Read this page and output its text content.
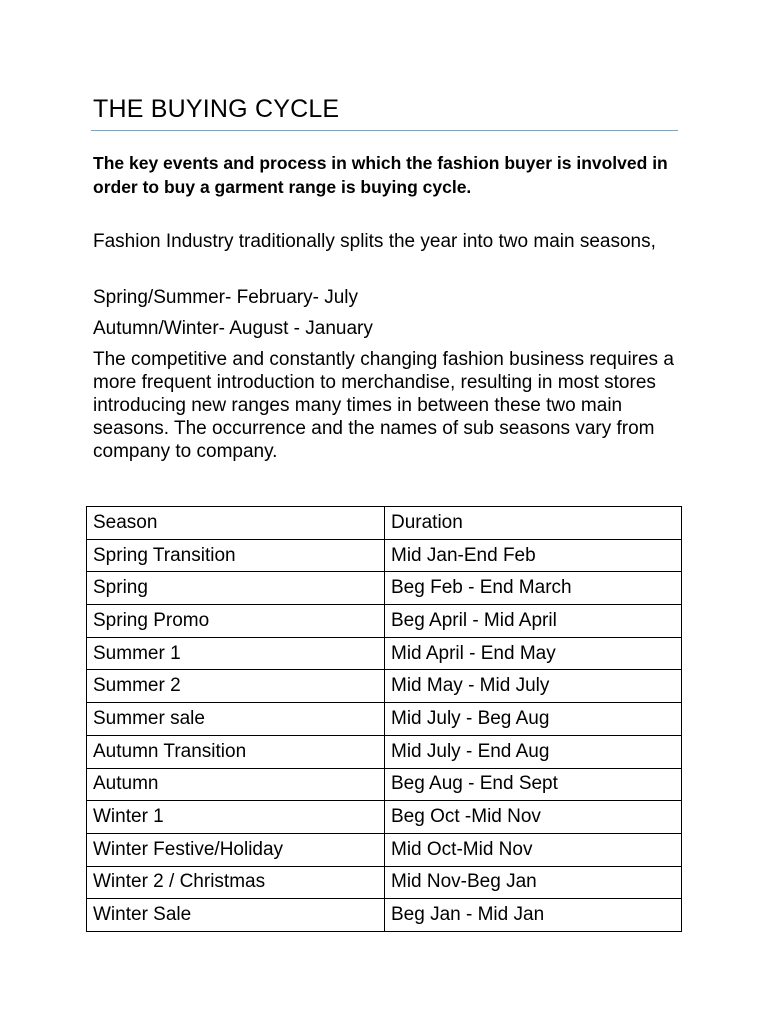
THE BUYING CYCLE

The key events and process in which the fashion buyer is involved in order to buy a garment range is buying cycle.

Fashion Industry traditionally splits the year into two main seasons,

Spring/Summer- February- July

Autumn/Winter- August - January

The competitive and constantly changing fashion business requires a more frequent introduction to merchandise, resulting in most stores introducing new ranges many times in between these two main seasons. The occurrence and the names of sub seasons vary from company to company.

Season	Duration
Spring Transition	Mid Jan-End Feb
Spring	Beg Feb - End March
Spring Promo	Beg April - Mid April
Summer 1	Mid April - End May
Summer 2	Mid May - Mid July
Summer sale	Mid July - Beg Aug
Autumn Transition	Mid July - End Aug
Autumn	Beg Aug - End Sept
Winter 1	Beg Oct -Mid Nov
Winter Festive/Holiday	Mid Oct-Mid Nov
Winter 2 / Christmas	Mid Nov-Beg Jan
Winter Sale	Beg Jan - Mid Jan
